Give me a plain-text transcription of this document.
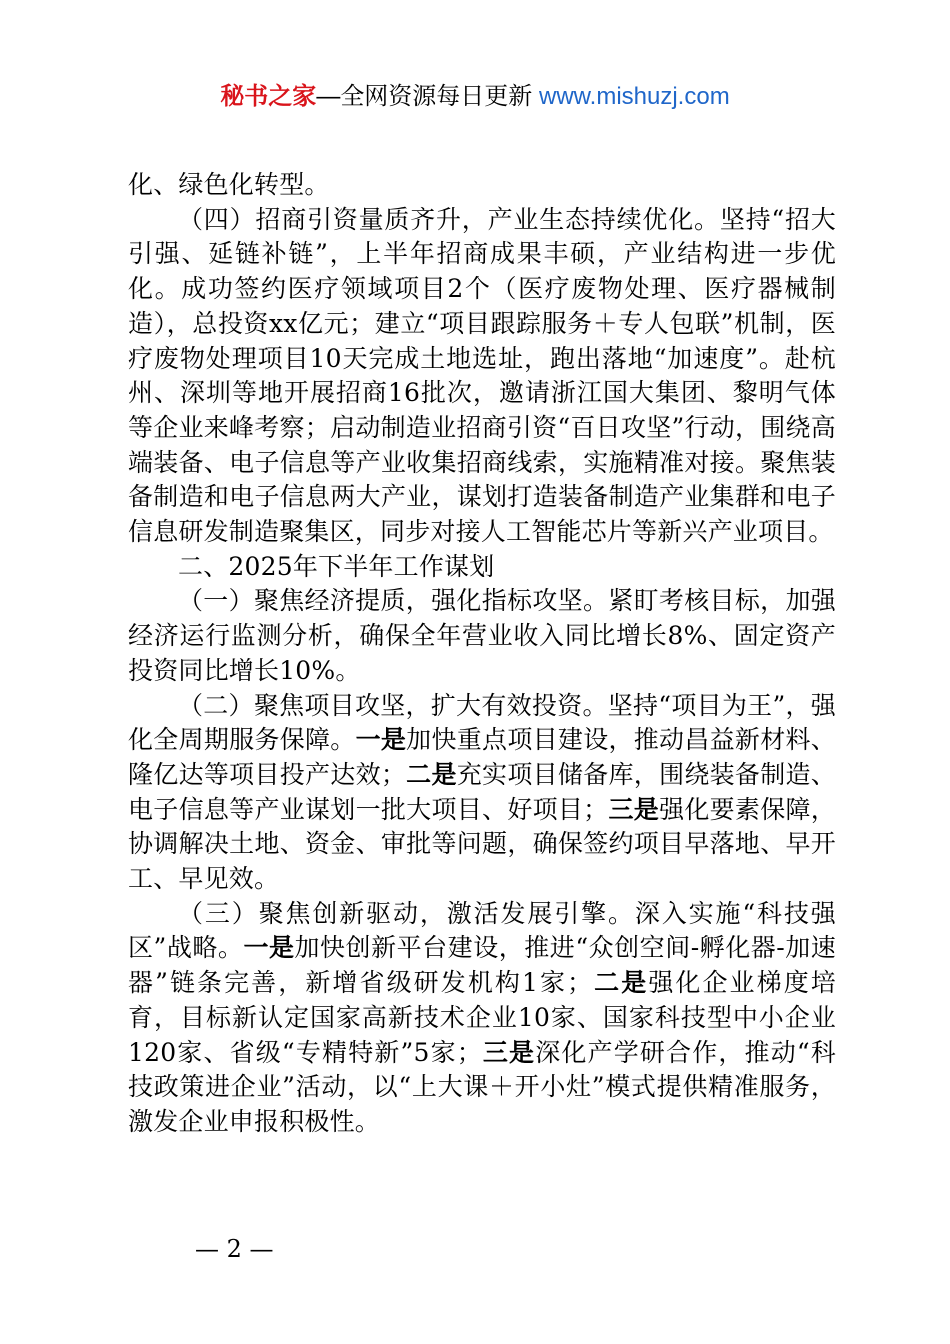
秘书之家—全网资源每日更新 www.mishuzj.com

化、绿色化转型。

（四）招商引资量质齐升，产业生态持续优化。坚持“招大引强、延链补链”，上半年招商成果丰硕，产业结构进一步优化。成功签约医疗领域项目2个（医疗废物处理、医疗器械制造），总投资xx亿元；建立“项目跟踪服务＋专人包联”机制，医疗废物处理项目10天完成土地选址，跑出落地“加速度”。赴杭州、深圳等地开展招商16批次，邀请浙江国大集团、黎明气体等企业来峰考察；启动制造业招商引资“百日攻坚”行动，围绕高端装备、电子信息等产业收集招商线索，实施精准对接。聚焦装备制造和电子信息两大产业，谋划打造装备制造产业集群和电子信息研发制造聚集区，同步对接人工智能芯片等新兴产业项目。

二、2025年下半年工作谋划

（一）聚焦经济提质，强化指标攻坚。紧盯考核目标，加强经济运行监测分析，确保全年营业收入同比增长8%、固定资产投资同比增长10%。

（二）聚焦项目攻坚，扩大有效投资。坚持“项目为王”，强化全周期服务保障。一是加快重点项目建设，推动昌益新材料、隆亿达等项目投产达效；二是充实项目储备库，围绕装备制造、电子信息等产业谋划一批大项目、好项目；三是强化要素保障，协调解决土地、资金、审批等问题，确保签约项目早落地、早开工、早见效。

（三）聚焦创新驱动，激活发展引擎。深入实施“科技强区”战略。一是加快创新平台建设，推进“众创空间-孵化器-加速器”链条完善，新增省级研发机构1家；二是强化企业梯度培育，目标新认定国家高新技术企业10家、国家科技型中小企业120家、省级“专精特新”5家；三是深化产学研合作，推动“科技政策进企业”活动，以“上大课＋开小灶”模式提供精准服务，激发企业申报积极性。

— 2 —
